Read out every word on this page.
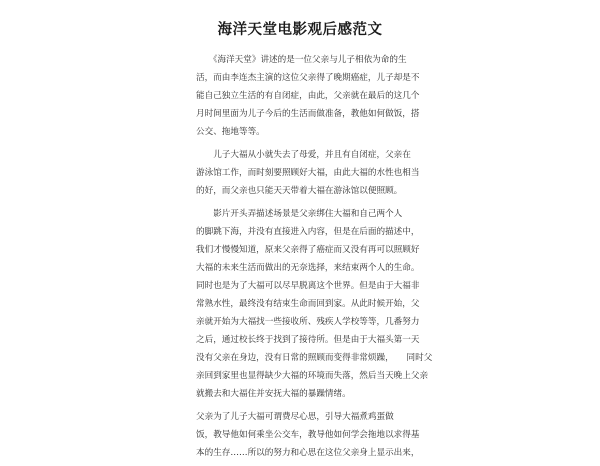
海洋天堂电影观后感范文
　　《海洋天堂》讲述的是一位父亲与儿子相依为命的生
活，而由李连杰主演的这位父亲得了晚期癌症，儿子却是不
能自己独立生活的有自闭症，由此，父亲就在最后的这几个
月时间里面为儿子今后的生活而做准备，教他如何做饭，搭
公交、拖地等等。
　　儿子大福从小就失去了母爱，并且有自闭症，父亲在
游泳馆工作，而时刻要照顾好大福，由此大福的水性也相当
的好，而父亲也只能天天带着大福在游泳馆以便照顾。
　　影片开头弄描述场景是父亲绑住大福和自己两个人
的脚跳下海，并没有直接进入内容，但是在后面的描述中，
我们才慢慢知道，原来父亲得了癌症而又没有再可以照顾好
大福的未来生活而做出的无奈选择，来结束两个人的生命。
同时也是为了大福可以尽早脱离这个世界。但是由于大福非
常熟水性，最终没有结束生命而回到家。从此时候开始，父
亲就开始为大福找一些接收所、残疾人学校等等，几番努力
之后，通过校长终于找到了接待所。但是由于大福头第一天
没有父亲在身边，没有日常的照顾而变得非常烦躁，　　同时父
亲回到家里也显得缺少大福的环境而失落，然后当天晚上父亲
就搬去和大福住并安抚大福的暴躁情绪。
父亲为了儿子大福可谓费尽心思，引导大福煮鸡蛋做
饭，教导他如何乘坐公交车，教导他如何学会拖地以求得基
本的生存……所以的努力和心思在这位父亲身上显示出来，
